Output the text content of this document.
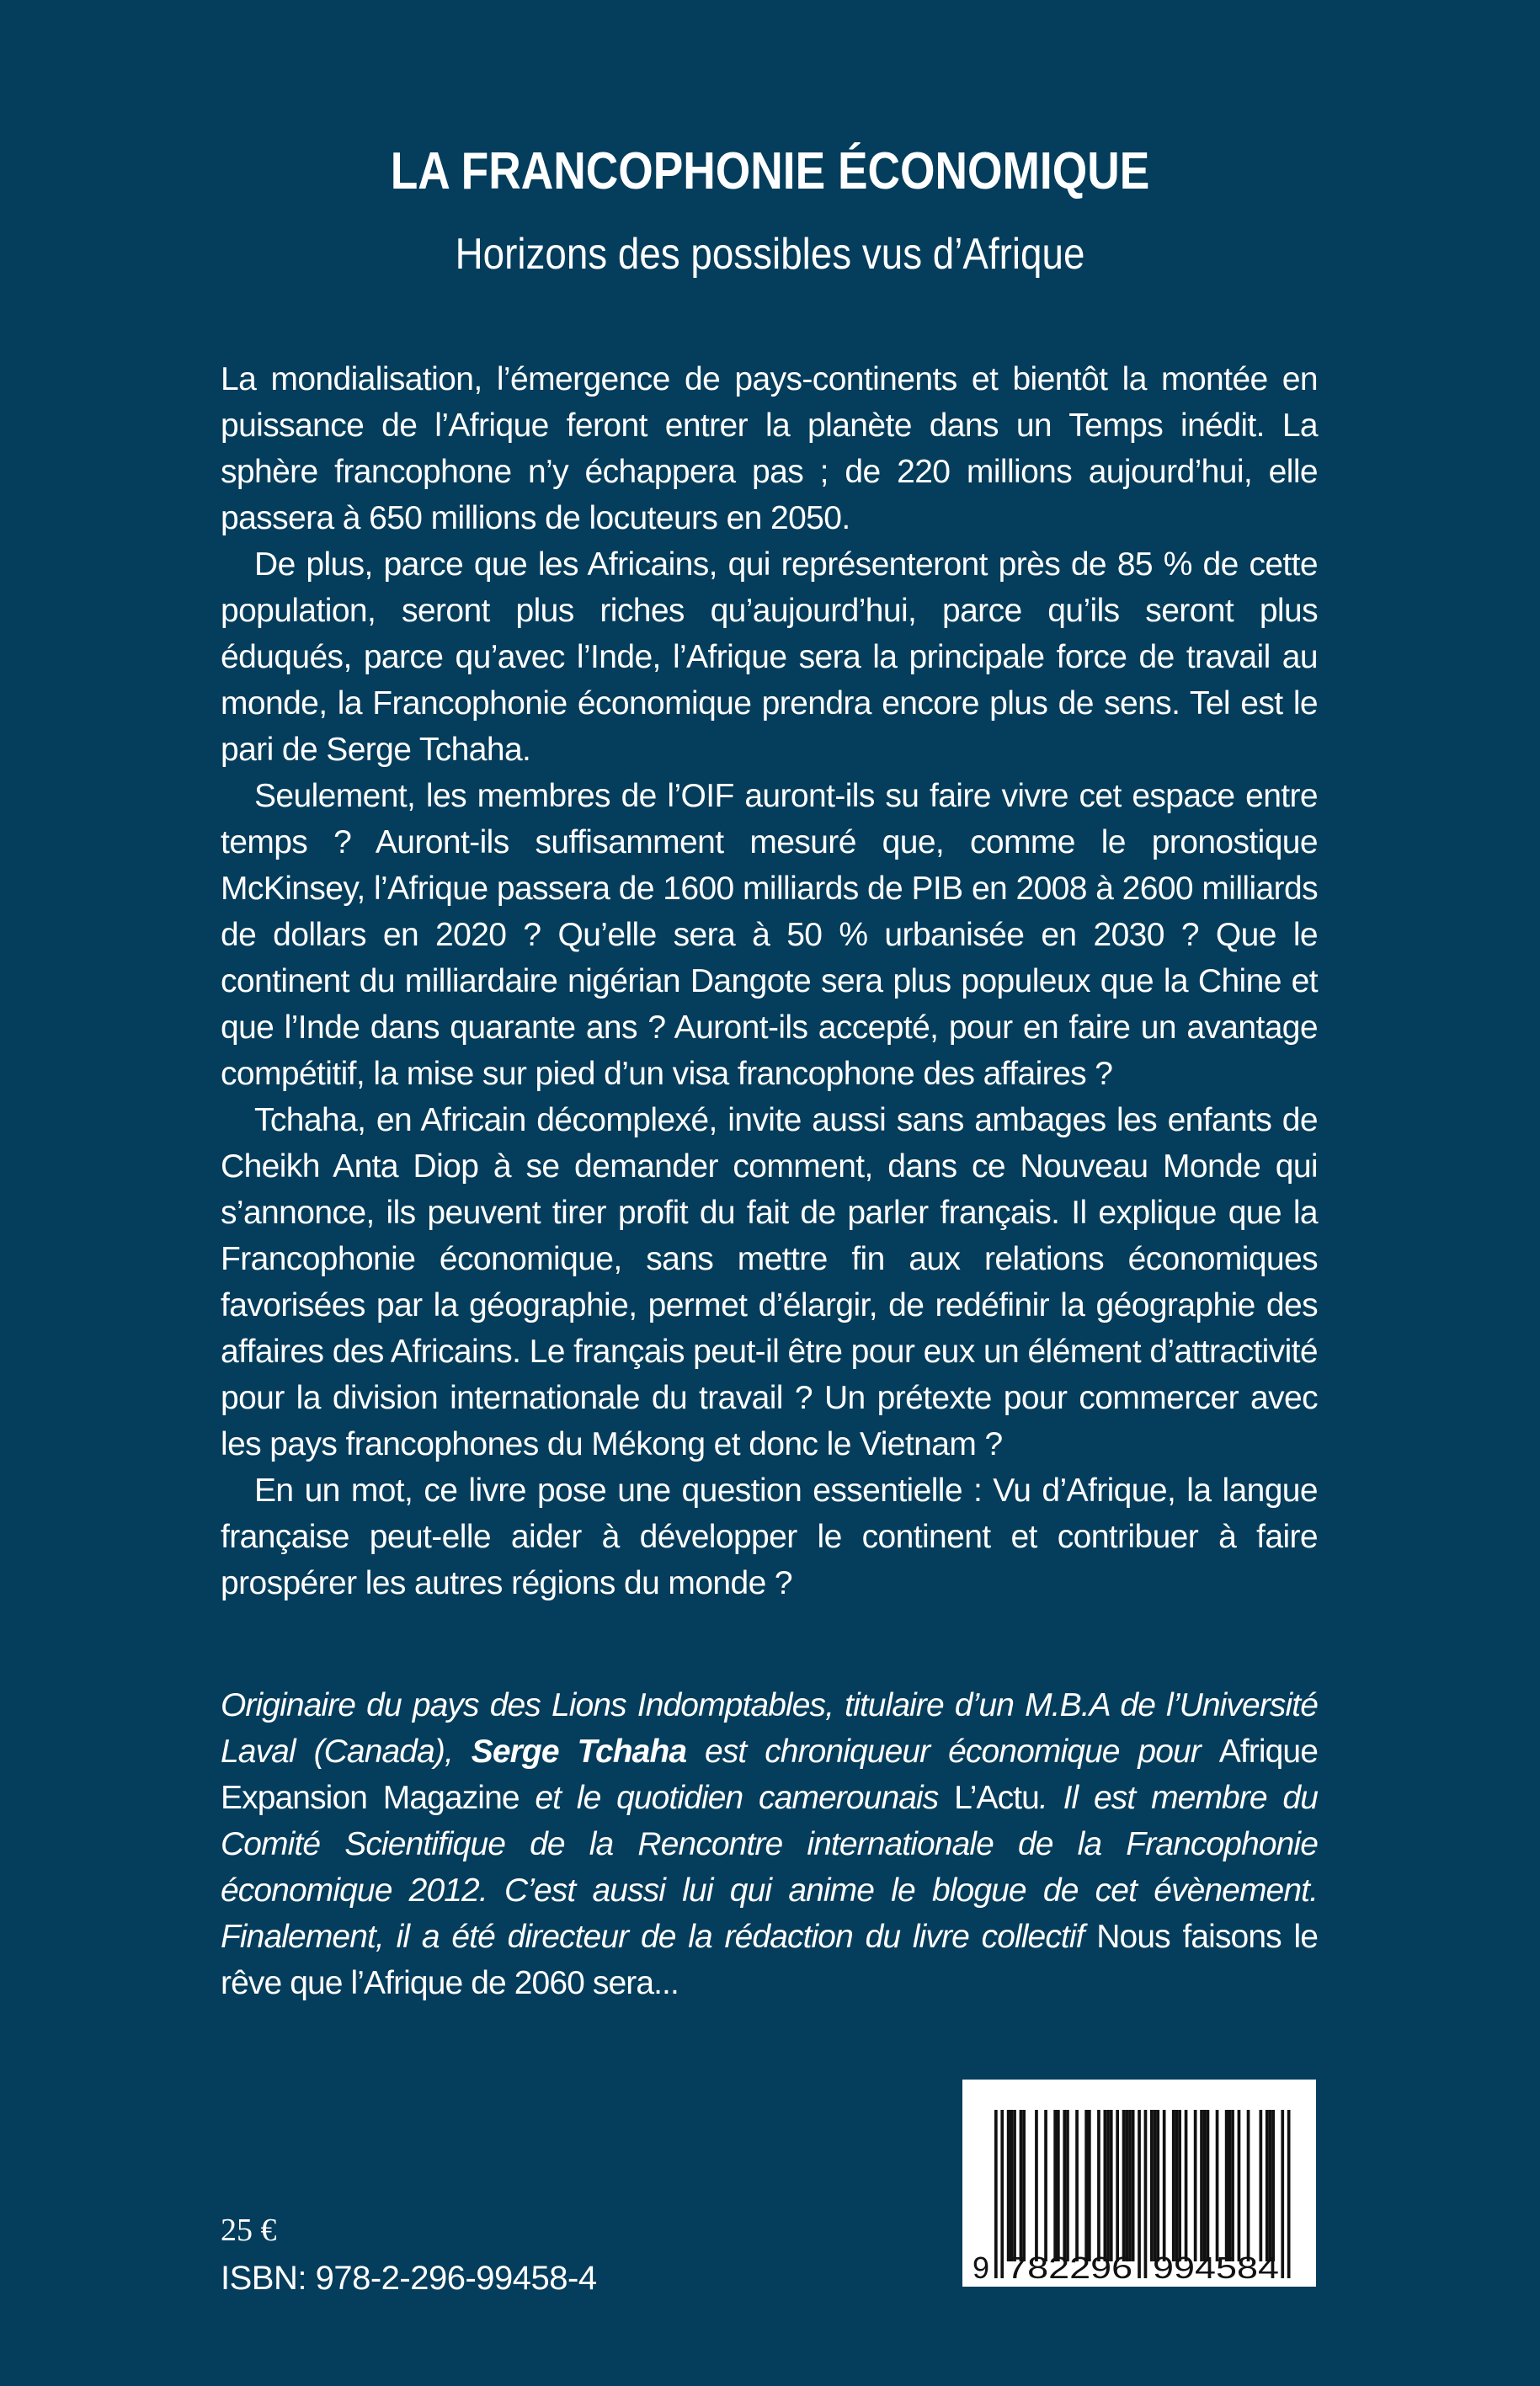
LA FRANCOPHONIE ÉCONOMIQUE
Horizons des possibles vus d’Afrique

La mondialisation, l’émergence de pays-continents et bientôt la montée en puissance de l’Afrique feront entrer la planète dans un Temps inédit. La sphère francophone n’y échappera pas ; de 220 millions aujourd’hui, elle passera à 650 millions de locuteurs en 2050.

De plus, parce que les Africains, qui représenteront près de 85 % de cette population, seront plus riches qu’aujourd’hui, parce qu’ils seront plus éduqués, parce qu’avec l’Inde, l’Afrique sera la principale force de travail au monde, la Francophonie économique prendra encore plus de sens. Tel est le pari de Serge Tchaha.

Seulement, les membres de l’OIF auront-ils su faire vivre cet espace entre temps ? Auront-ils suffisamment mesuré que, comme le pronostique McKinsey, l’Afrique passera de 1600 milliards de PIB en 2008 à 2600 milliards de dollars en 2020 ? Qu’elle sera à 50 % urbanisée en 2030 ? Que le continent du milliardaire nigérian Dangote sera plus populeux que la Chine et que l’Inde dans quarante ans ? Auront-ils accepté, pour en faire un avantage compétitif, la mise sur pied d’un visa francophone des affaires ?

Tchaha, en Africain décomplexé, invite aussi sans ambages les enfants de Cheikh Anta Diop à se demander comment, dans ce Nouveau Monde qui s’annonce, ils peuvent tirer profit du fait de parler français. Il explique que la Francophonie économique, sans mettre fin aux relations économiques favorisées par la géographie, permet d’élargir, de redéfinir la géographie des affaires des Africains. Le français peut-il être pour eux un élément d’attractivité pour la division internationale du travail ? Un prétexte pour commercer avec les pays francophones du Mékong et donc le Vietnam ?

En un mot, ce livre pose une question essentielle : Vu d’Afrique, la langue française peut-elle aider à développer le continent et contribuer à faire prospérer les autres régions du monde ?

Originaire du pays des Lions Indomptables, titulaire d’un M.B.A de l’Université Laval (Canada), Serge Tchaha est chroniqueur économique pour Afrique Expansion Magazine et le quotidien camerounais L’Actu. Il est membre du Comité Scientifique de la Rencontre internationale de la Francophonie économique 2012. C’est aussi lui qui anime le blogue de cet évènement. Finalement, il a été directeur de la rédaction du livre collectif Nous faisons le rêve que l’Afrique de 2060 sera...
25 €
ISBN: 978-2-296-99458-4	9 782296 994584
